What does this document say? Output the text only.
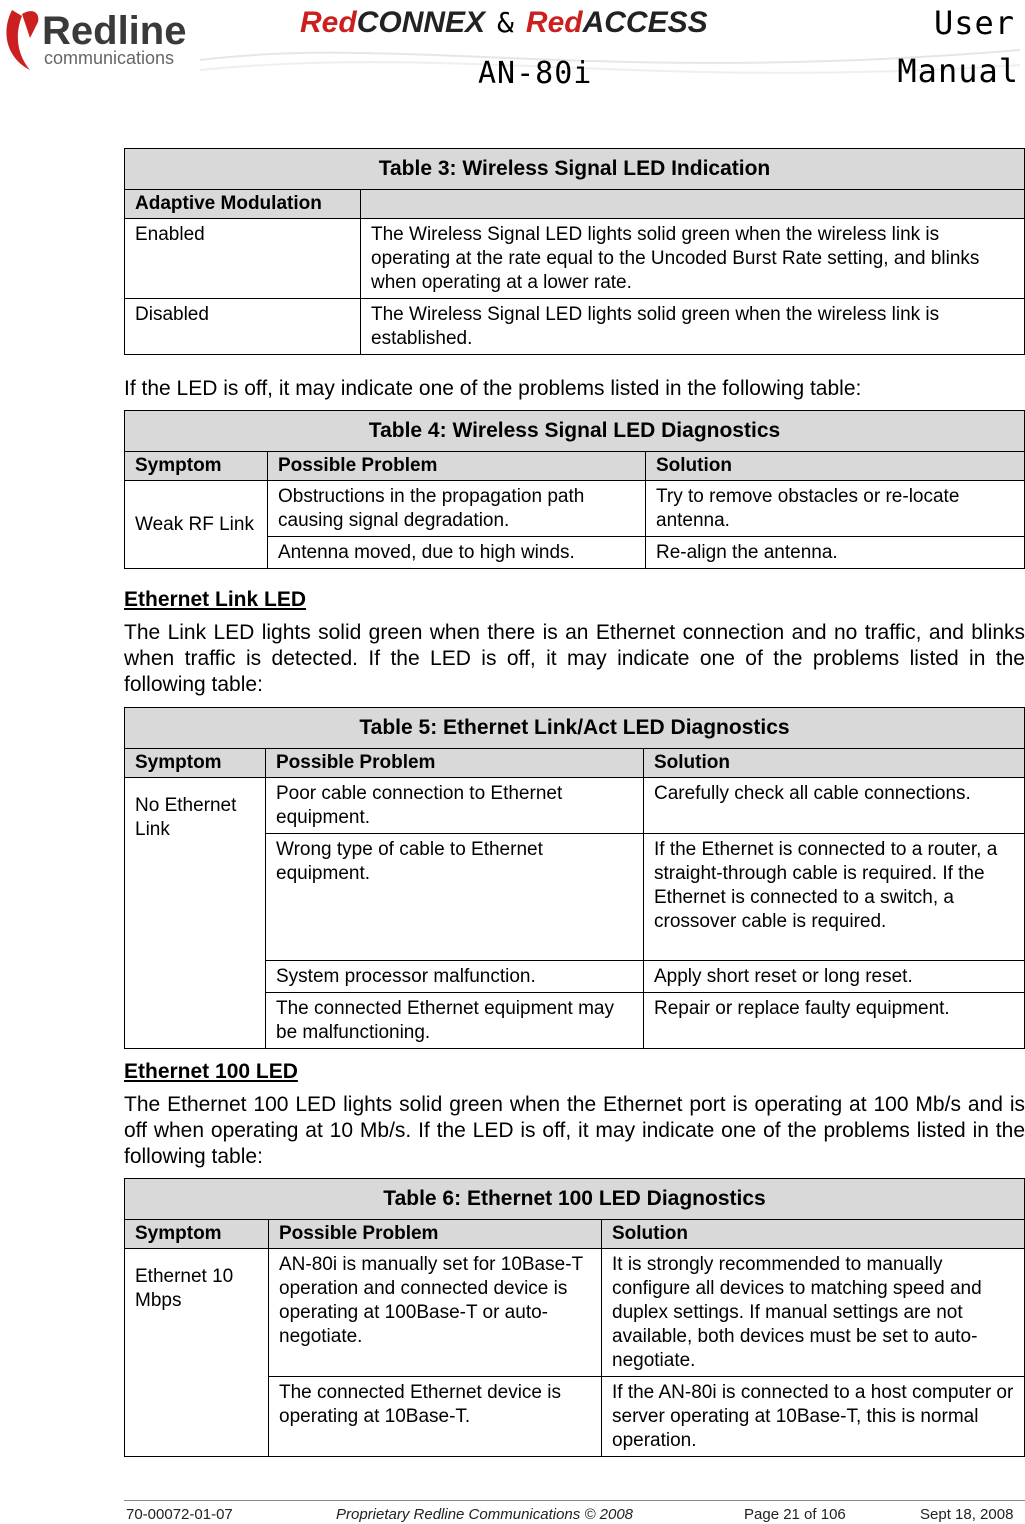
Redline
communications
RedCONNEX & RedACCESS
AN-80i
User
Manual
Table 3: Wireless Signal LED Indication	
Adaptive Modulation	
Enabled	The Wireless Signal LED lights solid green when the wireless link is operating at the rate equal to the Uncoded Burst Rate setting, and blinks when operating at a lower rate.
Disabled	The Wireless Signal LED lights solid green when the wireless link is established.

If the LED is off, it may indicate one of the problems listed in the following table:

Table 4: Wireless Signal LED Diagnostics		
Symptom	Possible Problem	Solution
Weak RF Link	Obstructions in the propagation path causing signal degradation.	Try to remove obstacles or re-locate antenna.
	Antenna moved, due to high winds.	Re-align the antenna.
Ethernet Link LED

The Link LED lights solid green when there is an Ethernet connection and no traffic, and blinks when traffic is detected. If the LED is off, it may indicate one of the problems listed in the following table:

Table 5: Ethernet Link/Act LED Diagnostics		
Symptom	Possible Problem	Solution
No Ethernet Link	Poor cable connection to Ethernet equipment.	Carefully check all cable connections.
	Wrong type of cable to Ethernet equipment.	If the Ethernet is connected to a router, a straight-through cable is required. If the Ethernet is connected to a switch, a crossover cable is required.
	System processor malfunction.	Apply short reset or long reset.
	The connected Ethernet equipment may be malfunctioning.	Repair or replace faulty equipment.
Ethernet 100 LED

The Ethernet 100 LED lights solid green when the Ethernet port is operating at 100 Mb/s and is off when operating at 10 Mb/s. If the LED is off, it may indicate one of the problems listed in the following table:

Table 6: Ethernet 100 LED Diagnostics		
Symptom	Possible Problem	Solution
Ethernet 10 Mbps	AN-80i is manually set for 10Base-T operation and connected device is operating at 100Base-T or auto-negotiate.	It is strongly recommended to manually configure all devices to matching speed and duplex settings. If manual settings are not available, both devices must be set to auto-negotiate.
	The connected Ethernet device is operating at 10Base-T.	If the AN-80i is connected to a host computer or server operating at 10Base-T, this is normal operation.
70-00072-01-07	Proprietary Redline Communications © 2008	Page 21 of 106	Sept 18, 2008
